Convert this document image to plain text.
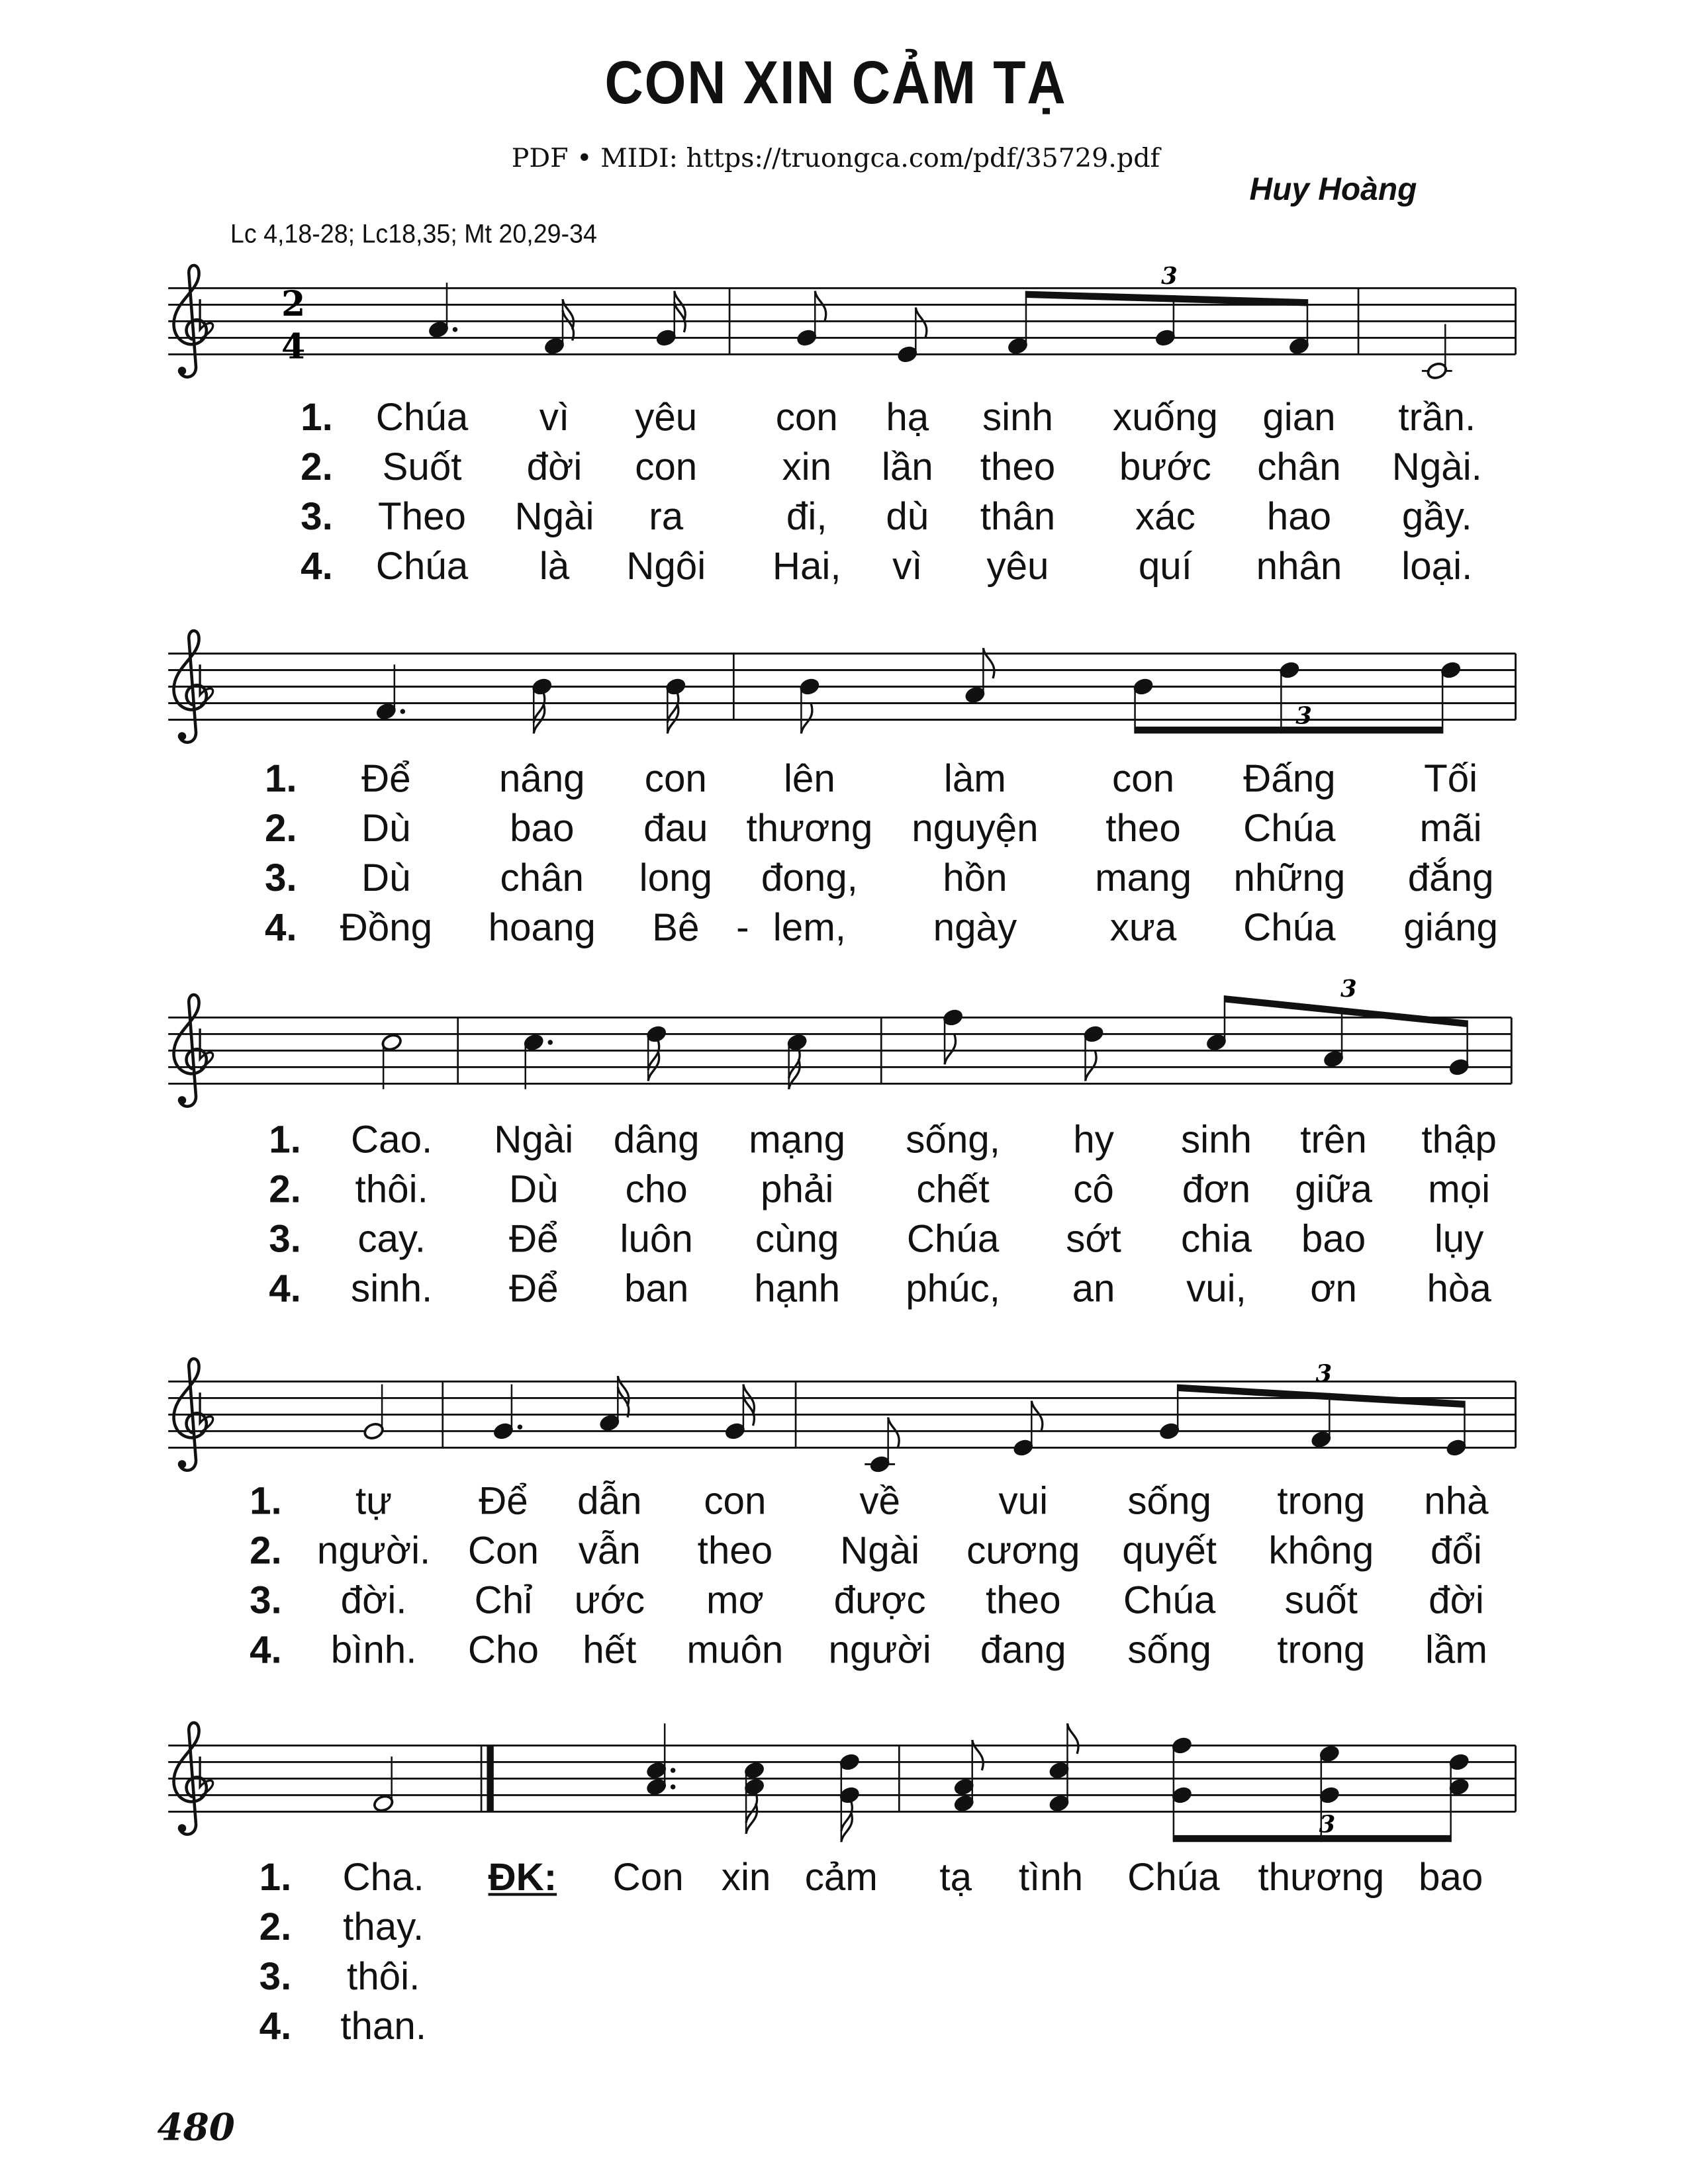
CON XIN CẢM TẠ
PDF • MIDI: https://truongca.com/pdf/35729.pdf
Huy Hoàng
Lc 4,18-28; Lc18,35; Mt 20,29-34
2
4
3
3
3
3
3
1. Chúa	vì	yêu	con	hạ	sinh	xuống gian	trần.
2.	Suốt	đời	con	xin	lần	theo	bước chân	Ngài.
3. Theo	Ngài	ra	đi,	dù	thân	xác	hao	gầy.
4. Chúa	là	Ngôi	Hai,	vì	yêu	quí	nhân	loại.
1.	Để	nâng	con	lên	làm	con	Đấng	Tối
2.	Dù	bao	đau thương nguyện	theo	Chúa	mãi
3.	Dù	chân	long	đong,	hồn	mang những	đắng
4. Đồng	hoang	Bê - lem,	ngày	xưa	Chúa	giáng
1.	Cao.	Ngài dâng	mạng	sống,	hy	sinh	trên	thập
2.	thôi.	Dù	cho	phải	chết	cô	đơn giữa	mọi
3.	cay.	Để	luôn	cùng	Chúa	sớt	chia	bao	lụy
4.	sinh.	Để	ban	hạnh	phúc,	an	vui,	ơn	hòa
1.	tự	Để	dẫn	con	về	vui	sống	trong	nhà
2. người. Con vẫn	theo	Ngài	cương quyết	không	đổi
3.	đời.	Chỉ ước	mơ	được	theo	Chúa	suốt	đời
4.	bình.	Cho hết	muôn người	đang	sống	trong	lầm
1.	Cha.
2.	thay.
3.	thôi.
4.	than.
ĐK:	Con xin cảm	tạ	tình Chúa thương bao
480
